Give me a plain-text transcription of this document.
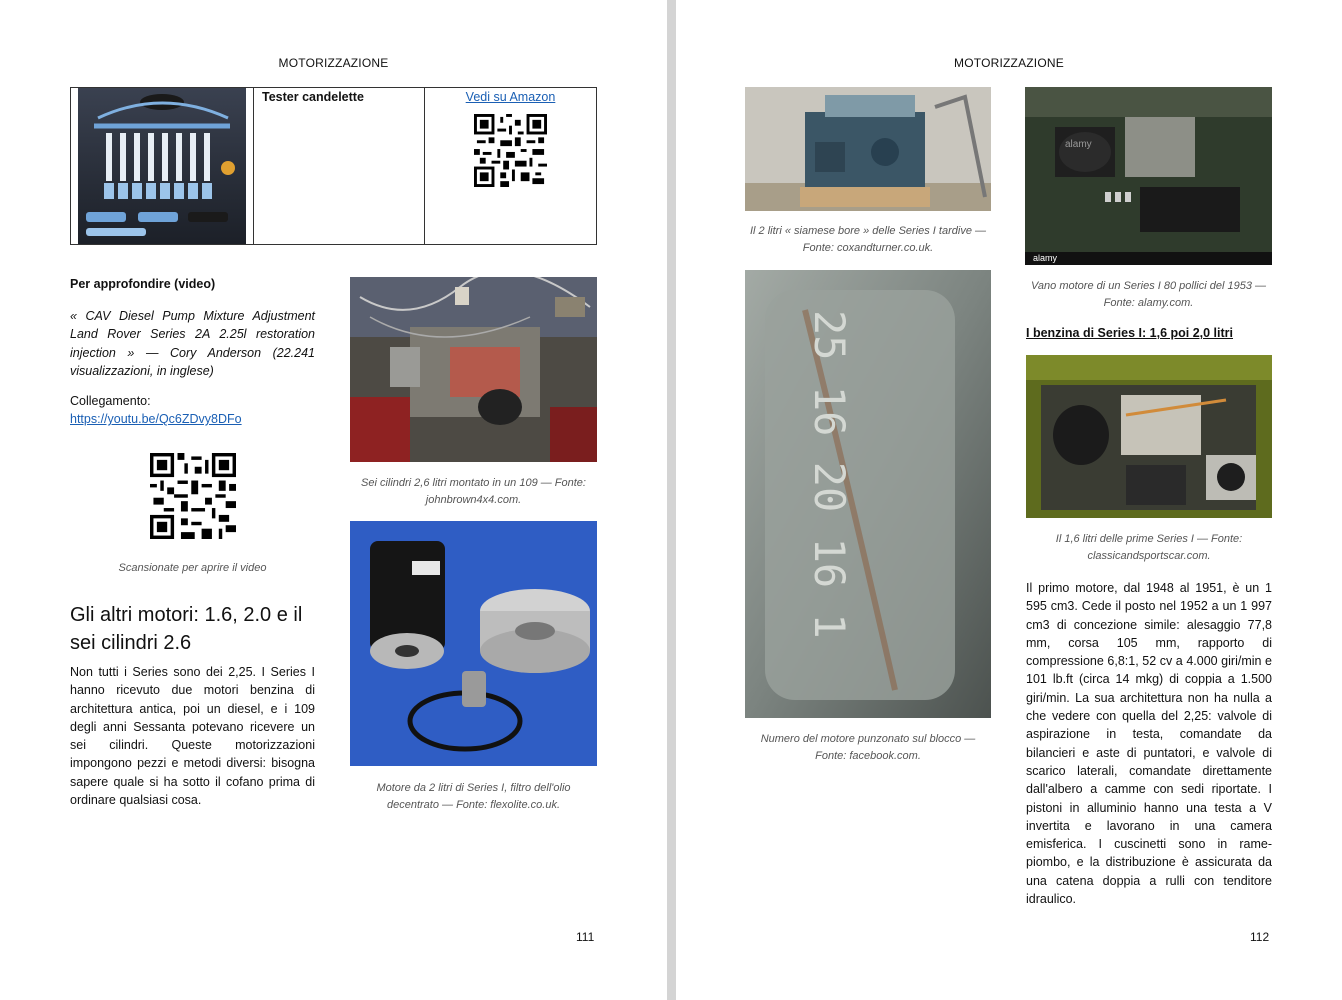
MOTORIZZAZIONE
Tester candelette	Vedi su Amazon
Per approfondire (video)
« CAV Diesel Pump Mixture Adjustment Land Rover Series 2A 2.25l restoration injection » — Cory Anderson (22.241 visualizzazioni, in inglese)
Collegamento:
https://youtu.be/Qc6ZDvy8DFo
Scansionate per aprire il video
Gli altri motori: 1.6, 2.0 e il sei cilindri 2.6
Non tutti i Series sono dei 2,25. I Series I hanno ricevuto due motori benzina di architettura antica, poi un diesel, e i 109 degli anni Sessanta potevano ricevere un sei cilindri. Queste motorizzazioni impongono pezzi e metodi diversi: bisogna sapere quale si ha sotto il cofano prima di ordinare qualsiasi cosa.
Sei cilindri 2,6 litri montato in un 109 — Fonte: johnbrown4x4.com.
Motore da 2 litri di Series I, filtro dell'olio decentrato — Fonte: flexolite.co.uk.
111
MOTORIZZAZIONE
Il 2 litri « siamese bore » delle Series I tardive — Fonte: coxandturner.co.uk.
alamy
alamy
Vano motore di un Series I 80 pollici del 1953 — Fonte: alamy.com.
25 16 20 16 1
Numero del motore punzonato sul blocco — Fonte: facebook.com.
I benzina di Series I: 1,6 poi 2,0 litri
Il 1,6 litri delle prime Series I — Fonte: classicandsportscar.com.
Il primo motore, dal 1948 al 1951, è un 1 595 cm3. Cede il posto nel 1952 a un 1 997 cm3 di concezione simile: alesaggio 77,8 mm, corsa 105 mm, rapporto di compressione 6,8:1, 52 cv a 4.000 giri/min e 101 lb.ft (circa 14 mkg) di coppia a 1.500 giri/min. La sua architettura non ha nulla a che vedere con quella del 2,25: valvole di aspirazione in testa, comandate da bilancieri e aste di puntatori, e valvole di scarico laterali, comandate direttamente dall'albero a camme con sedi riportate. I pistoni in alluminio hanno una testa a V invertita e lavorano in una camera emisferica. I cuscinetti sono in rame-piombo, e la distribuzione è assicurata da una catena doppia a rulli con tenditore idraulico.
112
